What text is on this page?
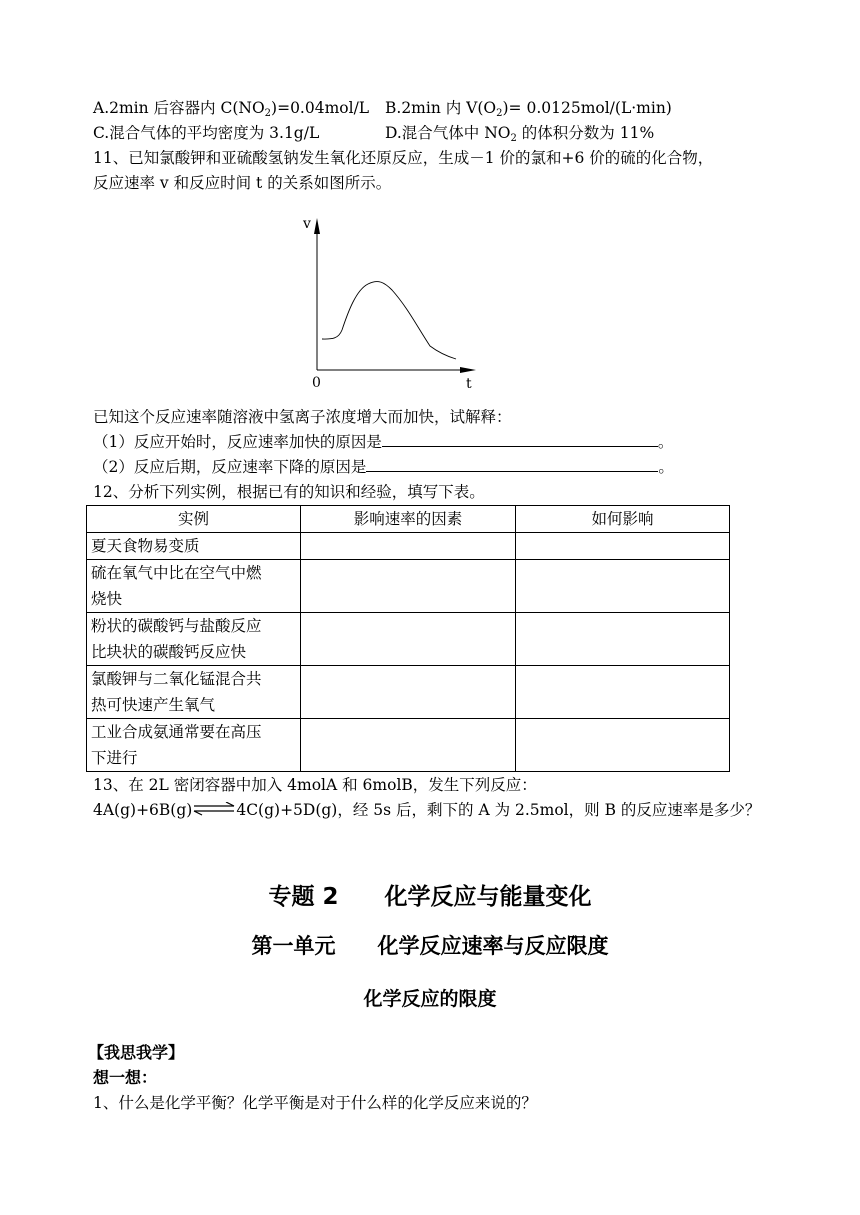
A.2min 后容器内 $C(NO_2)=0.04mol/L$ B.2min 内 $V(O_2)= 0.0125mol/(L\cdot\min)$
C.混合气体的平均密度为 3.1g/L	D.混合气体中 $NO_2$ 的体积分数为 11%
11、已知氯酸钾和亚硫酸氢钠发生氧化还原反应，生成－1 价的氯和+6 价的硫的化合物，
反应速率 v 和反应时间 t 的关系如图所示。
v
t
0
已知这个反应速率随溶液中氢离子浓度增大而加快，试解释：
（1）反应开始时，反应速率加快的原因是	。
（2）反应后期，反应速率下降的原因是	。
12、分析下列实例，根据已有的知识和经验，填写下表。
实例	影响速率的因素	如何影响
夏天食物易变质		
硫在氧气中比在空气中燃
烧快		
粉状的碳酸钙与盐酸反应
比块状的碳酸钙反应快		
氯酸钾与二氧化锰混合共
热可快速产生氧气		
工业合成氨通常要在高压
下进行		
13、在 2L 密闭容器中加入 4molA 和 6molB，发生下列反应：
4A(g)+6B(g)⇌4C(g)+5D(g)，经 5s 后，剩下的 A 为 2.5mol，则 B 的反应速率是多少？
专题 2　　化学反应与能量变化
第一单元　　化学反应速率与反应限度
化学反应的限度
【我思我学】
想一想：
1、什么是化学平衡？化学平衡是对于什么样的化学反应来说的？
